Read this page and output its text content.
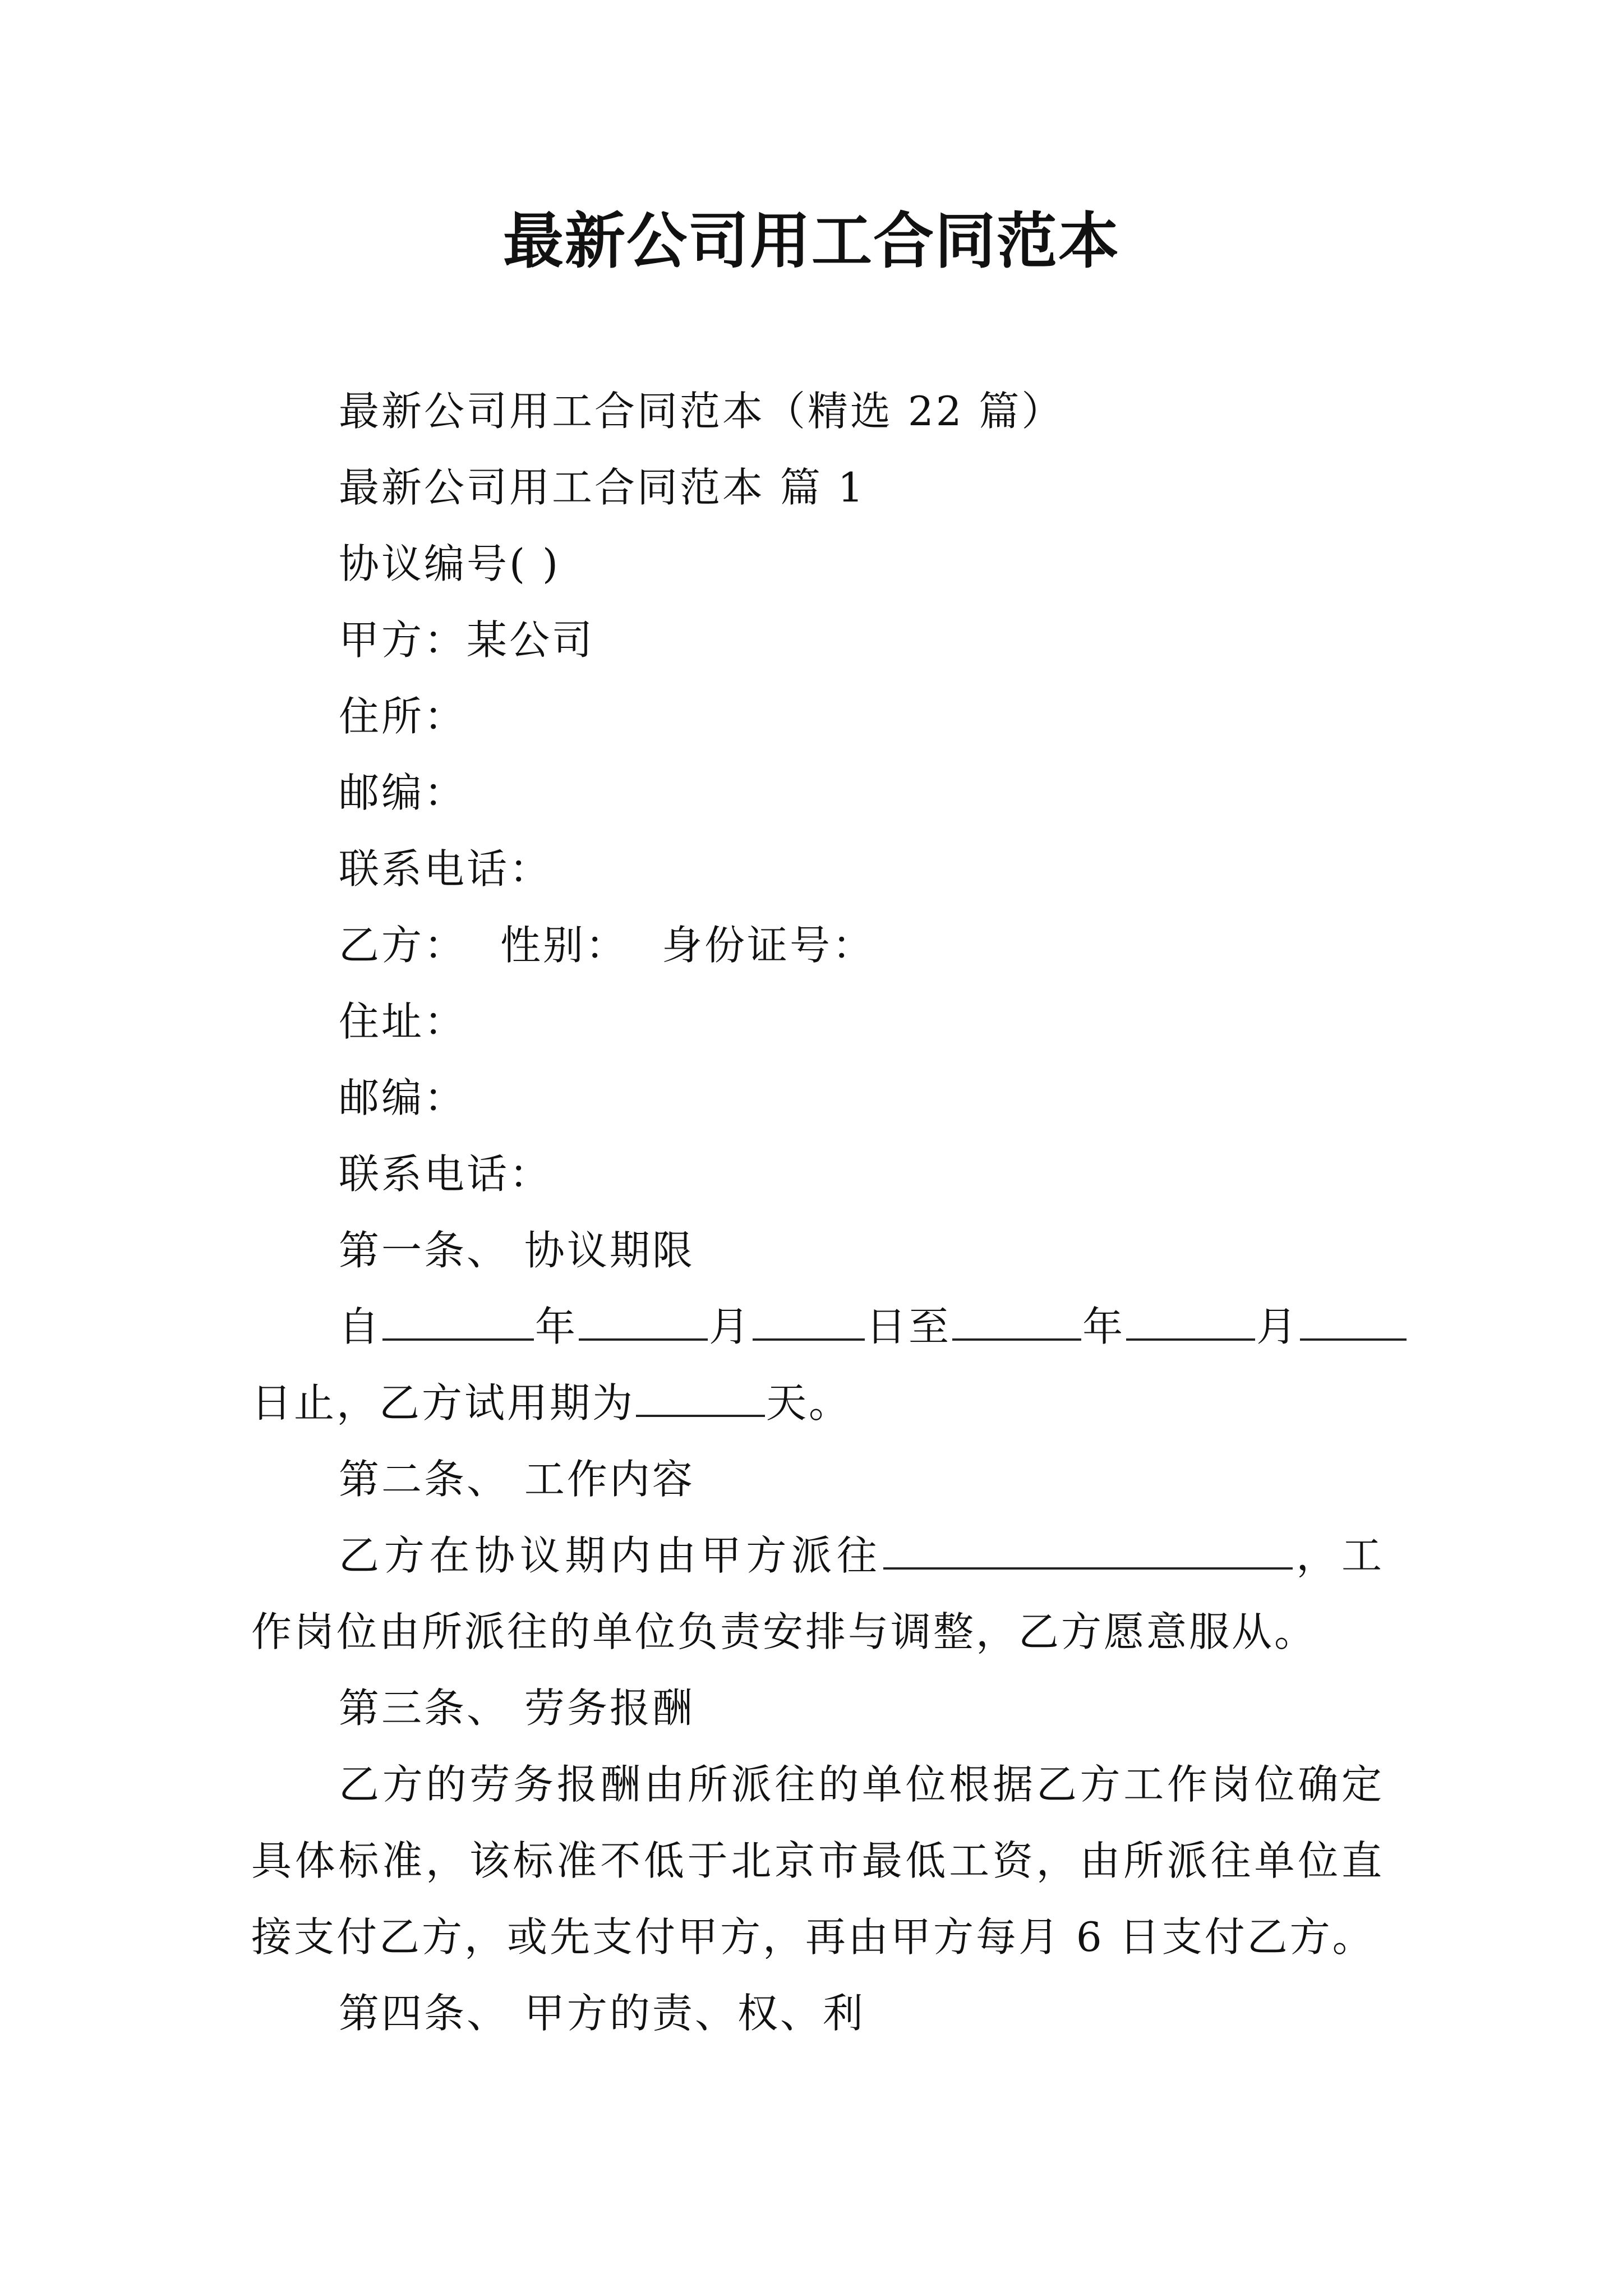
最新公司用工合同范本

最新公司用工合同范本（精选 22 篇）

最新公司用工合同范本 篇 1

协议编号( )

甲方：某公司

住所：

邮编：

联系电话：

乙方： 性别： 身份证号：

住址：

邮编：

联系电话：

第一条、 协议期限

自	年	月	日至	年	月

日止，乙方试用期为	天。

第二条、 工作内容

乙方在协议期内由甲方派往	，工作岗位由所派往的单位负责安排与调整，乙方愿意服从。

第三条、 劳务报酬

乙方的劳务报酬由所派往的单位根据乙方工作岗位确定具体标准，该标准不低于北京市最低工资，由所派往单位直接支付乙方，或先支付甲方，再由甲方每月 6 日支付乙方。

第四条、 甲方的责、权、利
